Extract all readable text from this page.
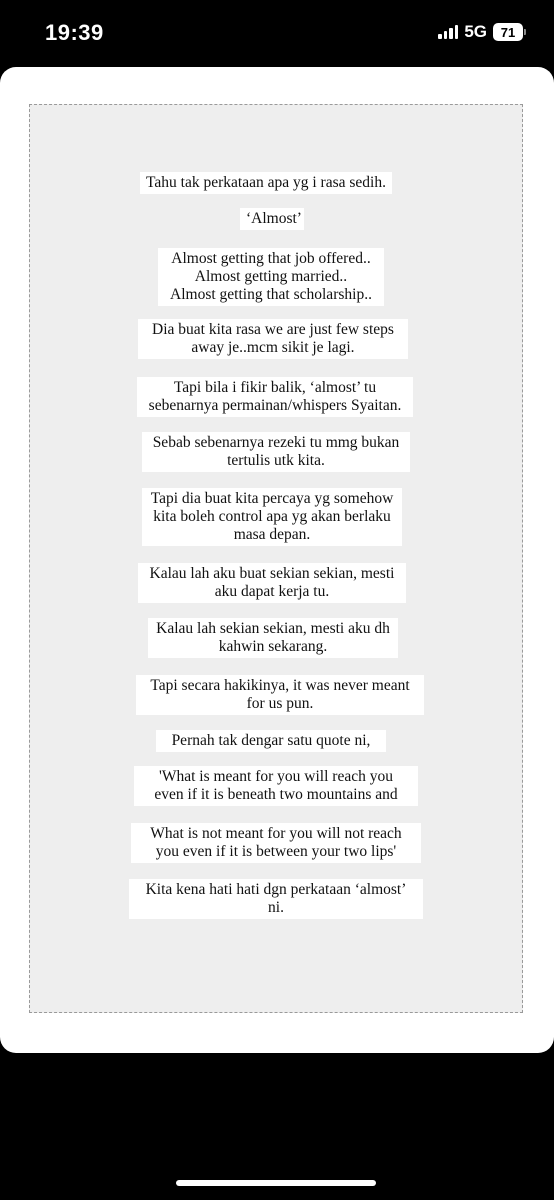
19:39	5G	71
Tahu tak perkataan apa yg i rasa sedih.
‘Almost’
Almost getting that job offered..
Almost getting married..
Almost getting that scholarship..
Dia buat kita rasa we are just few steps
away je..mcm sikit je lagi.
Tapi bila i fikir balik, ‘almost’ tu
sebenarnya permainan/whispers Syaitan.
Sebab sebenarnya rezeki tu mmg bukan
tertulis utk kita.
Tapi dia buat kita percaya yg somehow
kita boleh control apa yg akan berlaku
masa depan.
Kalau lah aku buat sekian sekian, mesti
aku dapat kerja tu.
Kalau lah sekian sekian, mesti aku dh
kahwin sekarang.
Tapi secara hakikinya, it was never meant
for us pun.
Pernah tak dengar satu quote ni,
'What is meant for you will reach you
even if it is beneath two mountains and
What is not meant for you will not reach
you even if it is between your two lips'
Kita kena hati hati dgn perkataan ‘almost’
ni.
